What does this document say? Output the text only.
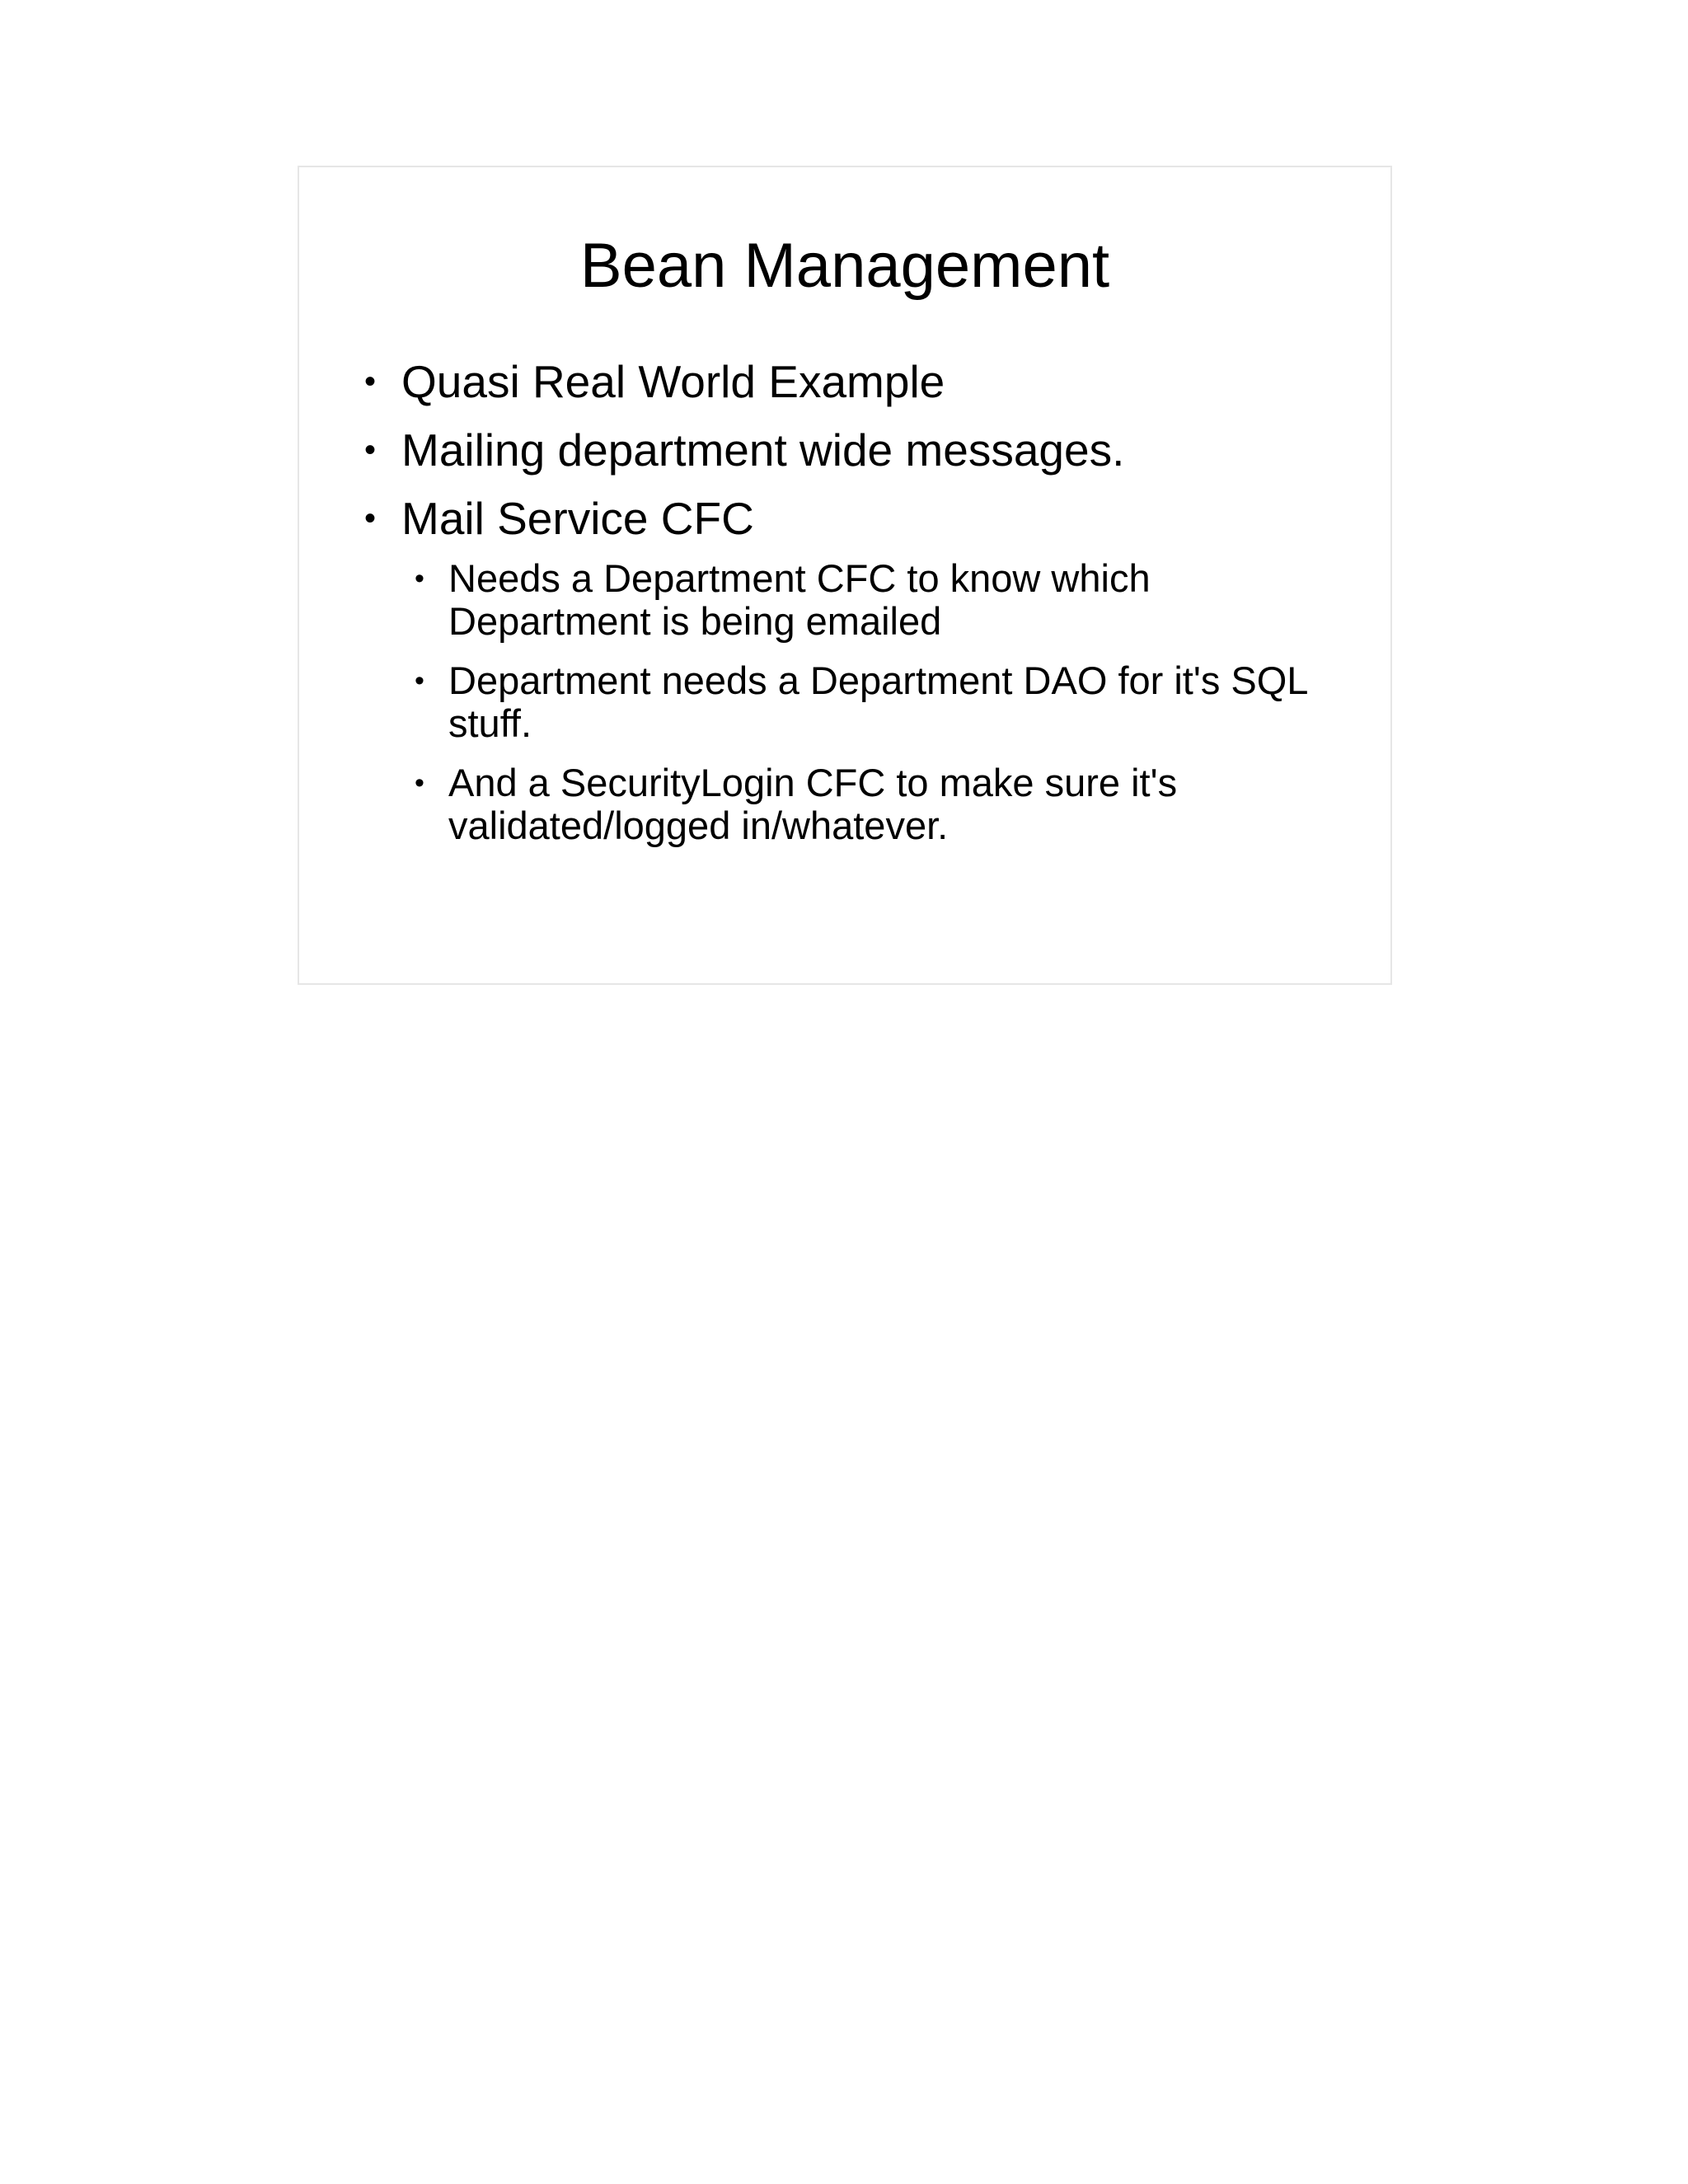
Bean Management
• Quasi Real World Example
• Mailing department wide messages.
• Mail Service CFC
• Needs a Department CFC to know which Department is being emailed
• Department needs a Department DAO for it's SQL stuff.
• And a SecurityLogin CFC to make sure it's validated/logged in/whatever.
